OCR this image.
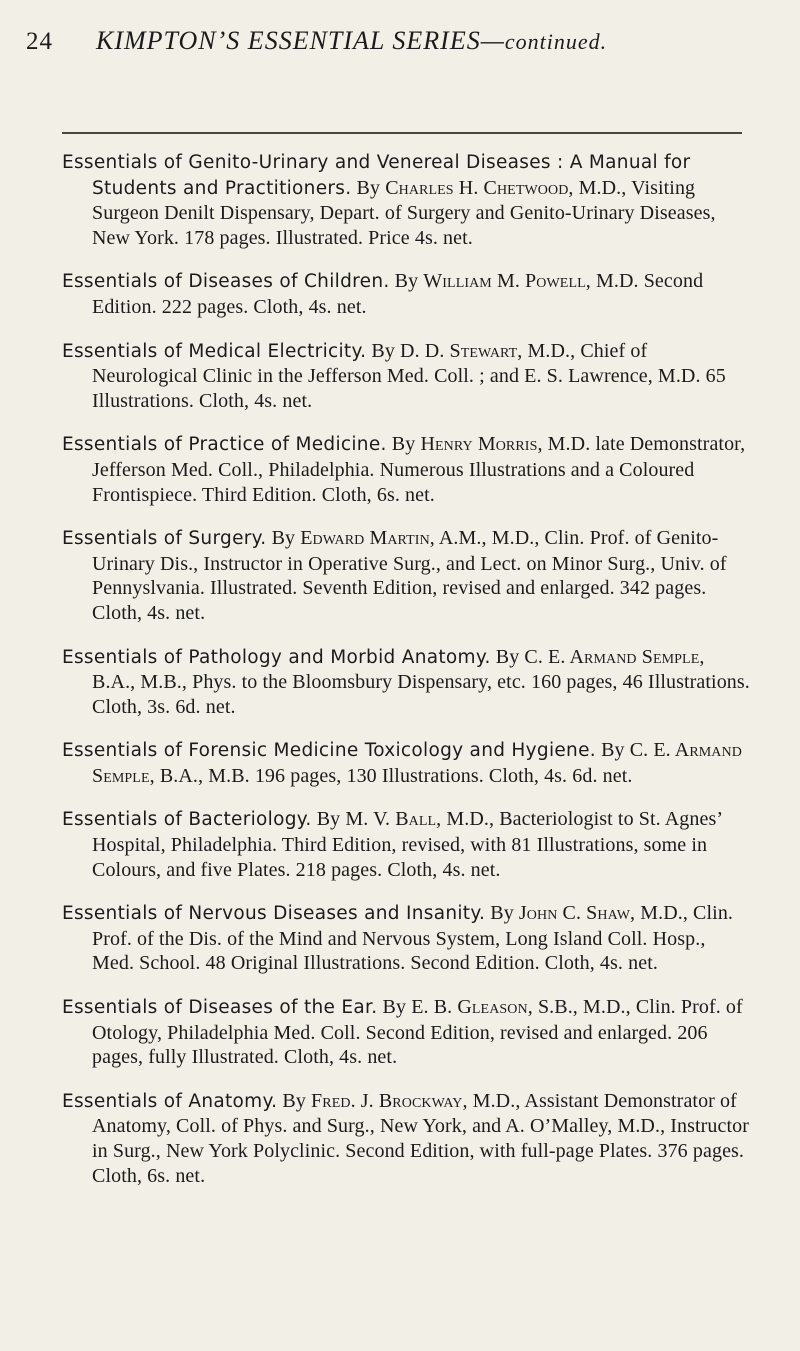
24 KIMPTON’S ESSENTIAL SERIES—continued.

Essentials of Genito-Urinary and Venereal Diseases : A Manual for Students and Practitioners. By Charles H. Chetwood, M.D., Visiting Surgeon Denilt Dispensary, Depart. of Surgery and Genito-Urinary Diseases, New York. 178 pages. Illustrated. Price 4s. net.

Essentials of Diseases of Children. By William M. Powell, M.D. Second Edition. 222 pages. Cloth, 4s. net.

Essentials of Medical Electricity. By D. D. Stewart, M.D., Chief of Neurological Clinic in the Jefferson Med. Coll. ; and E. S. Lawrence, M.D. 65 Illustrations. Cloth, 4s. net.

Essentials of Practice of Medicine. By Henry Morris, M.D. late Demonstrator, Jefferson Med. Coll., Philadelphia. Numerous Illustrations and a Coloured Frontispiece. Third Edition. Cloth, 6s. net.

Essentials of Surgery. By Edward Martin, A.M., M.D., Clin. Prof. of Genito-Urinary Dis., Instructor in Operative Surg., and Lect. on Minor Surg., Univ. of Pennyslvania. Illustrated. Seventh Edition, revised and enlarged. 342 pages. Cloth, 4s. net.

Essentials of Pathology and Morbid Anatomy. By C. E. Armand Semple, B.A., M.B., Phys. to the Bloomsbury Dispensary, etc. 160 pages, 46 Illustrations. Cloth, 3s. 6d. net.

Essentials of Forensic Medicine Toxicology and Hygiene. By C. E. Armand Semple, B.A., M.B. 196 pages, 130 Illustrations. Cloth, 4s. 6d. net.

Essentials of Bacteriology. By M. V. Ball, M.D., Bacteriologist to St. Agnes’ Hospital, Philadelphia. Third Edition, revised, with 81 Illustrations, some in Colours, and five Plates. 218 pages. Cloth, 4s. net.

Essentials of Nervous Diseases and Insanity. By John C. Shaw, M.D., Clin. Prof. of the Dis. of the Mind and Nervous System, Long Island Coll. Hosp., Med. School. 48 Original Illustrations. Second Edition. Cloth, 4s. net.

Essentials of Diseases of the Ear. By E. B. Gleason, S.B., M.D., Clin. Prof. of Otology, Philadelphia Med. Coll. Second Edition, revised and enlarged. 206 pages, fully Illustrated. Cloth, 4s. net.

Essentials of Anatomy. By Fred. J. Brockway, M.D., Assistant Demonstrator of Anatomy, Coll. of Phys. and Surg., New York, and A. O’Malley, M.D., Instructor in Surg., New York Polyclinic. Second Edition, with full-page Plates. 376 pages. Cloth, 6s. net.
